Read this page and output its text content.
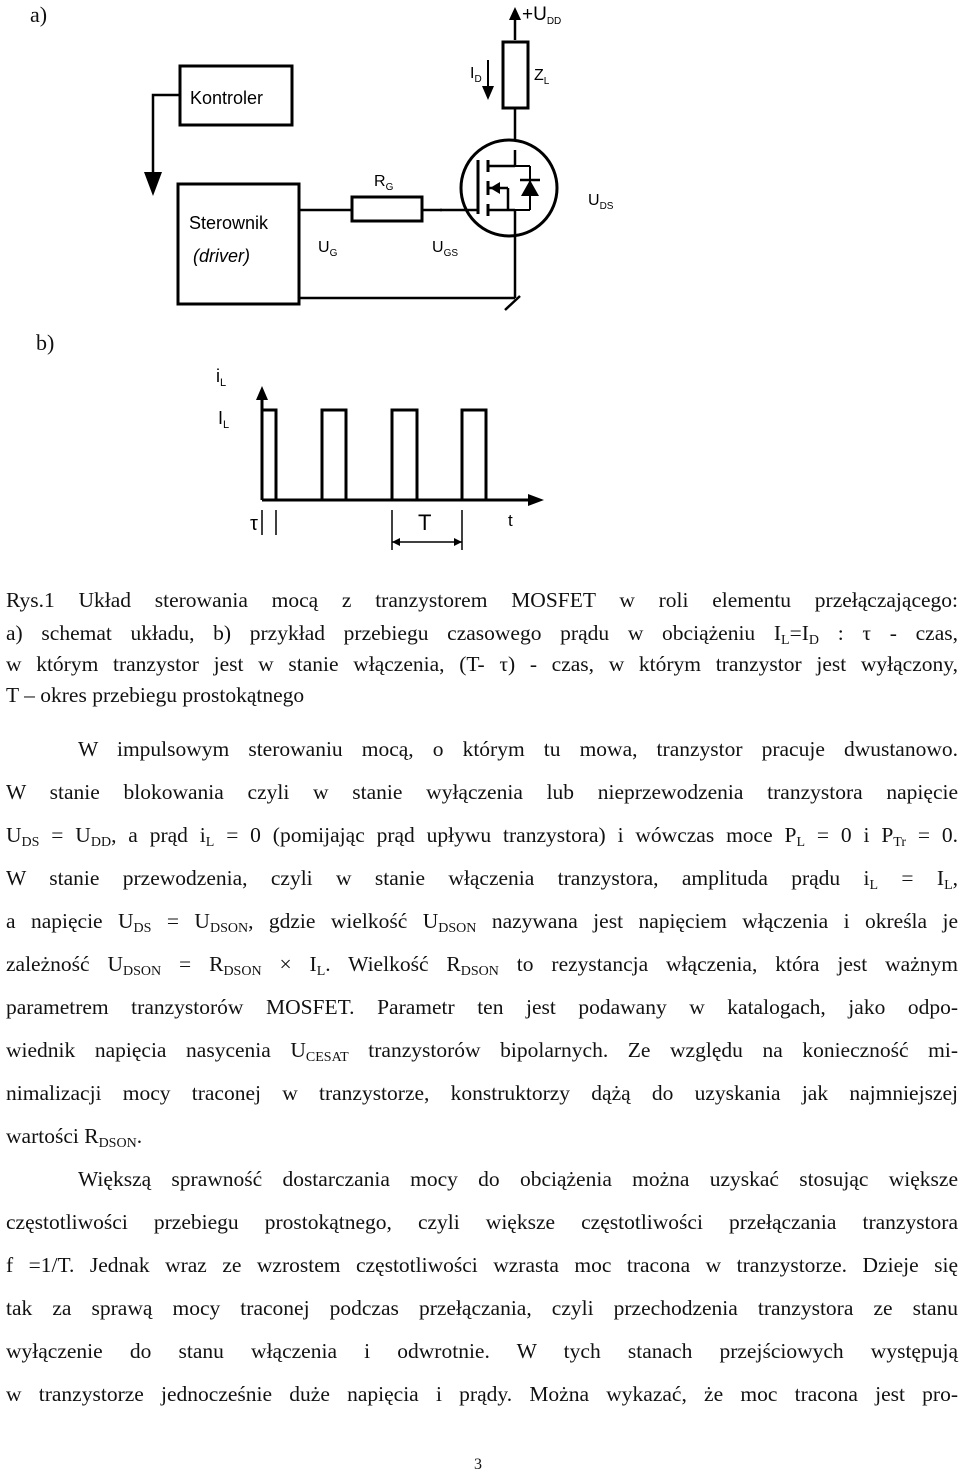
a)
b)
$+U_{DD}$
$Z_L$
$I_D$
$U_{DS}$
$R_G$
Kontroler
Sterownik
(driver)	$U_G$	$U_{GS}$
$i_L$
$I_L$
τ	T	t
Rys.1 Układ sterowania mocą z tranzystorem MOSFET w roli elementu przełączającego:
a) schemat układu, b) przykład przebiegu czasowego prądu w obciążeniu $I_L=I_D$ : τ - czas,
w którym tranzystor jest w stanie włączenia, (T- τ) - czas, w którym tranzystor jest wyłączony,
T – okres przebiegu prostokątnego
W impulsowym sterowaniu mocą, o którym tu mowa, tranzystor pracuje dwustanowo.
W stanie blokowania czyli w stanie wyłączenia lub nieprzewodzenia tranzystora napięcie
$U_{DS} = U_{DD}$, a prąd $i_L = 0$ (pomijając prąd upływu tranzystora) i wówczas moce $P_L = 0$ i $P_{Tr} = 0$.
W stanie przewodzenia, czyli w stanie włączenia tranzystora, amplituda prądu $i_L = I_L$,
a napięcie $U_{DS} = U_{DSON}$, gdzie wielkość $U_{DSON}$ nazywana jest napięciem włączenia i określa je
zależność $U_{DSON} = R_{DSON} \times I_L$. Wielkość $R_{DSON}$ to rezystancja włączenia, która jest ważnym
parametrem tranzystorów MOSFET. Parametr ten jest podawany w katalogach, jako odpo-
wiednik napięcia nasycenia $U_{CESAT}$ tranzystorów bipolarnych. Ze względu na konieczność mi-
nimalizacji mocy traconej w tranzystorze, konstruktorzy dążą do uzyskania jak najmniejszej
wartości $R_{DSON}$.
Większą sprawność dostarczania mocy do obciążenia można uzyskać stosując większe
częstotliwości przebiegu prostokątnego, czyli większe częstotliwości przełączania tranzystora
f =1/T. Jednak wraz ze wzrostem częstotliwości wzrasta moc tracona w tranzystorze. Dzieje się
tak za sprawą mocy traconej podczas przełączania, czyli przechodzenia tranzystora ze stanu
wyłączenie do stanu włączenia i odwrotnie. W tych stanach przejściowych występują
w tranzystorze jednocześnie duże napięcia i prądy. Można wykazać, że moc tracona jest pro-
3
